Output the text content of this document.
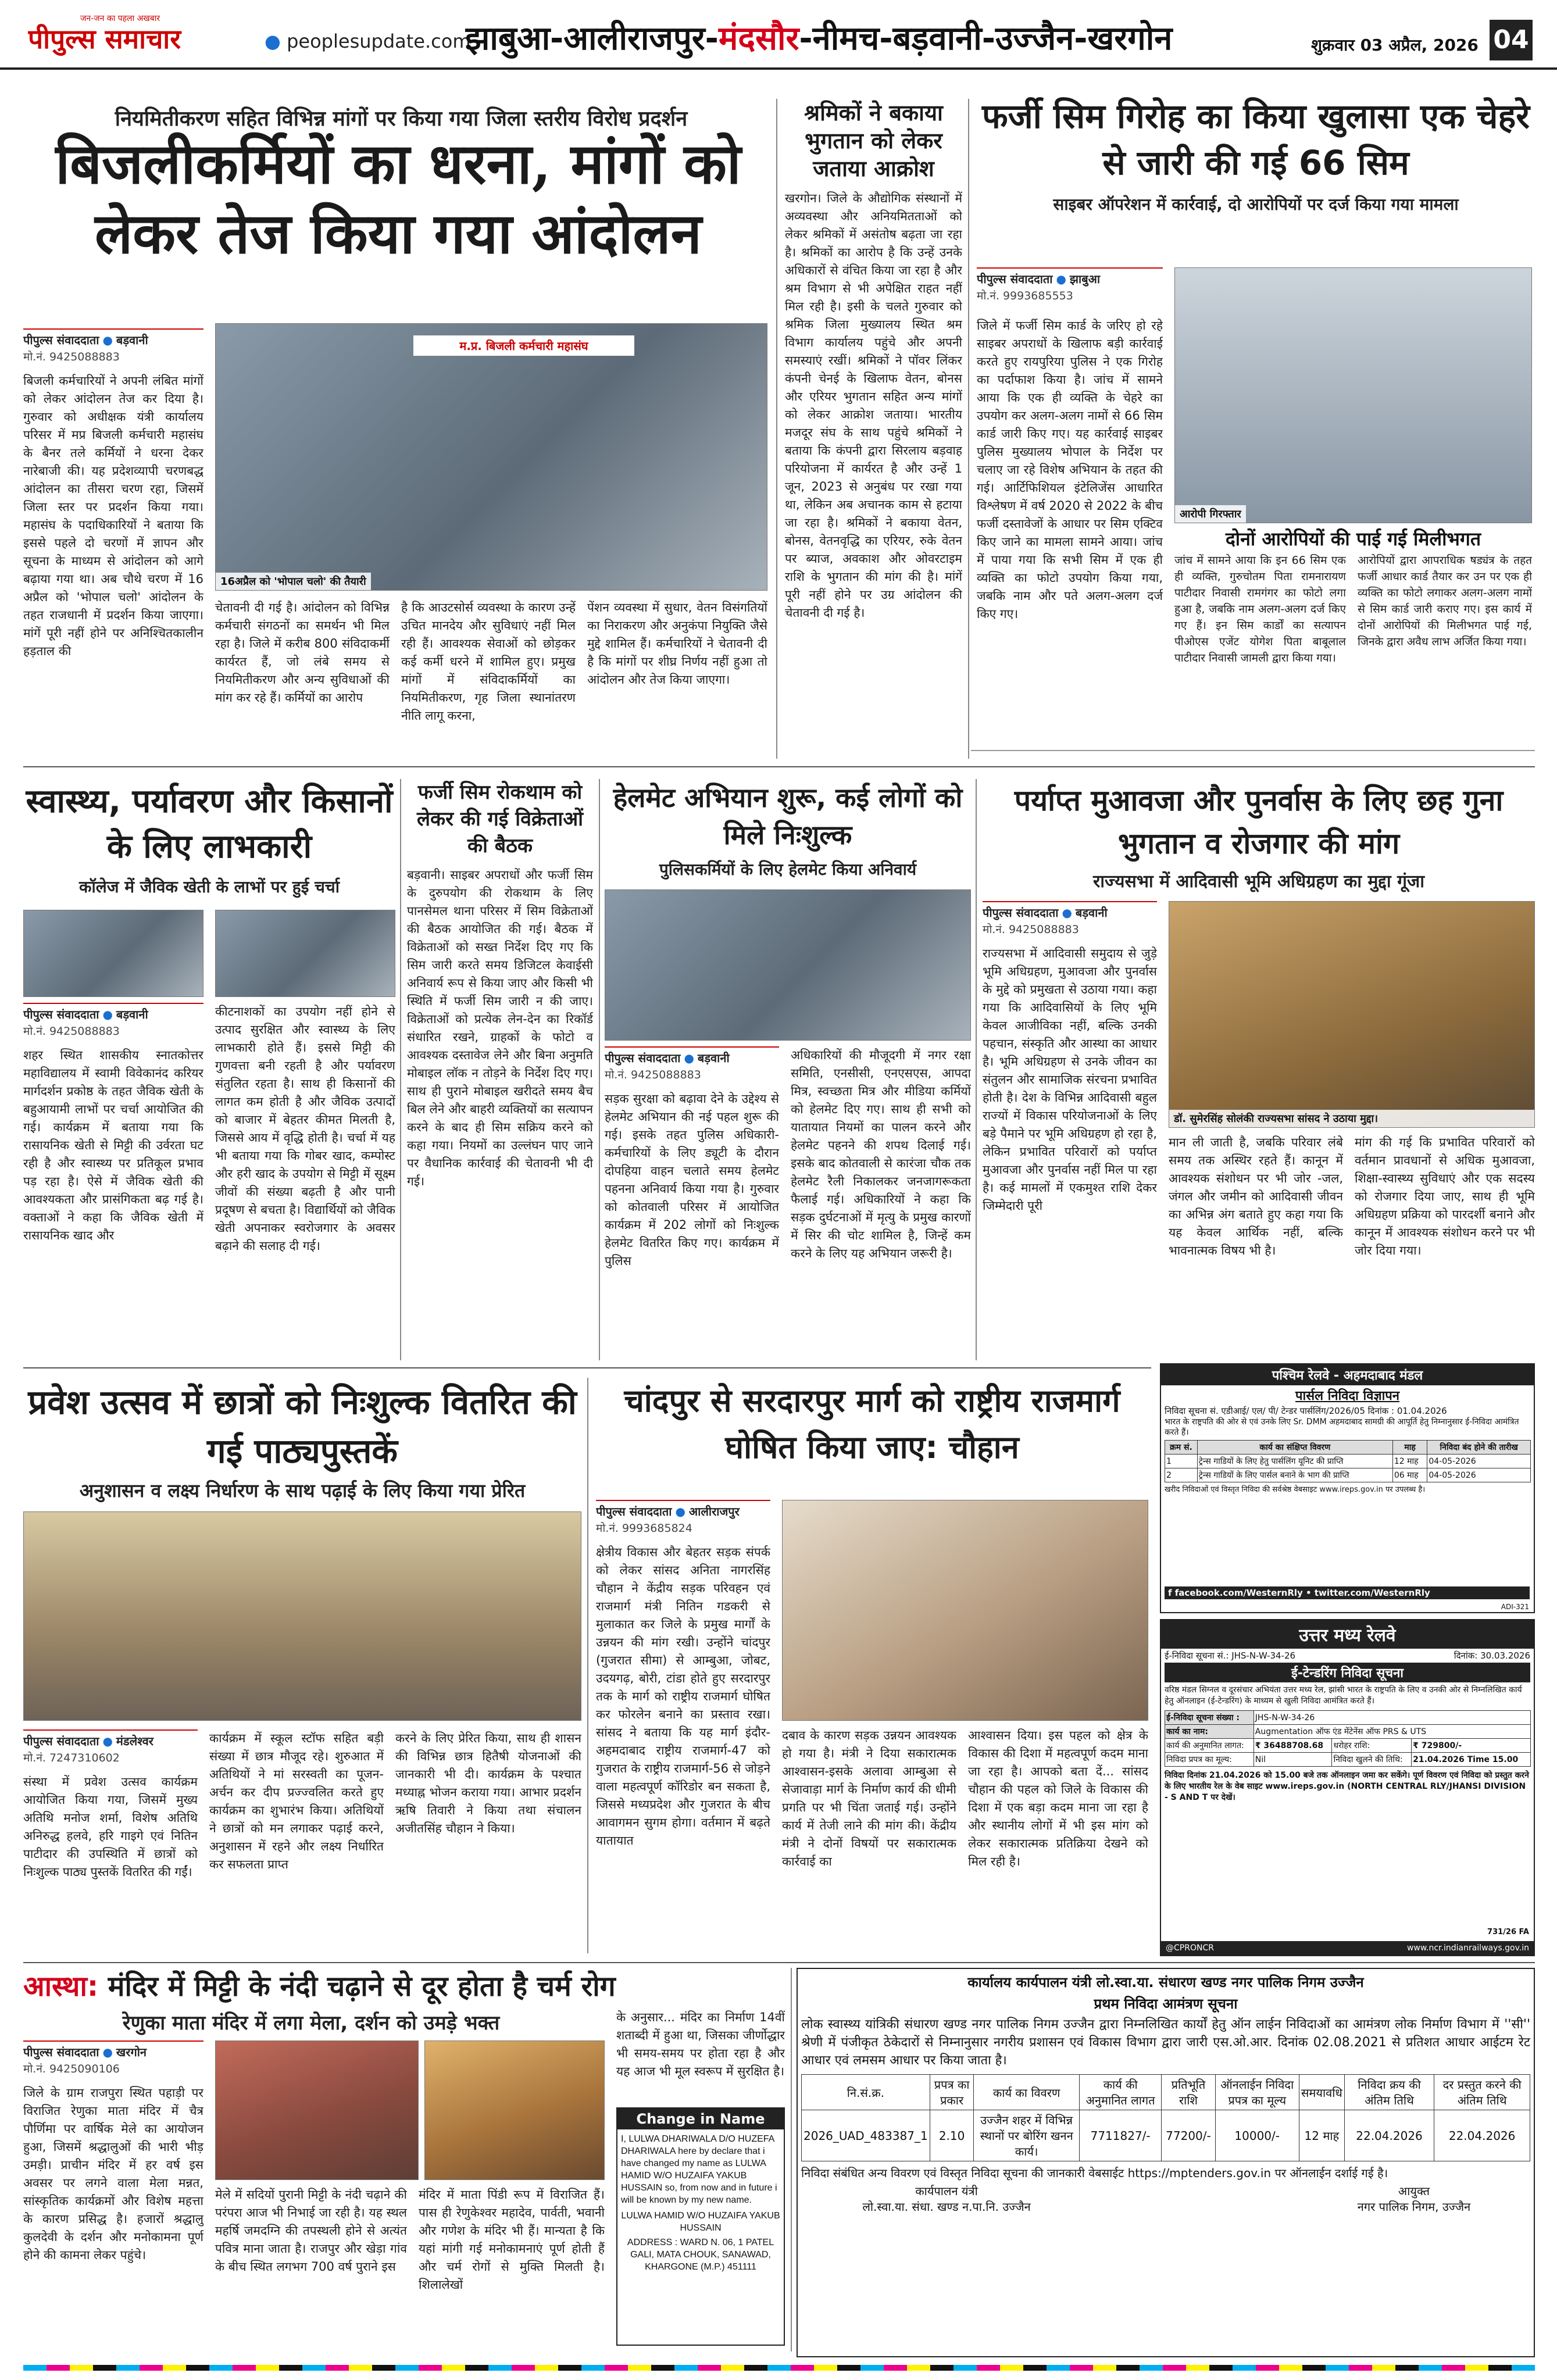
जन-जन का पहला अखबार
पीपुल्स समाचार	● peoplesupdate.com
झाबुआ-आलीराजपुर-मंदसौर-नीमच-बड़वानी-उज्जैन-खरगोन	शुक्रवार 03 अप्रैल, 2026 04
नियमितीकरण सहित विभिन्न मांगों पर किया गया जिला स्तरीय विरोध प्रदर्शन
बिजलीकर्मियों का धरना, मांगों को लेकर तेज किया गया आंदोलन
पीपुल्स संवाददाता ● बड़वानी
मो.नं. 9425088883
म.प्र. बिजली कर्मचारी महासंघ
16अप्रैल को 'भोपाल चलो' की तैयारी
बिजली कर्मचारियों ने अपनी लंबित मांगों को लेकर आंदोलन तेज कर दिया है। गुरुवार को अधीक्षक यंत्री कार्यालय परिसर में मप्र बिजली कर्मचारी महासंघ के बैनर तले कर्मियों ने धरना देकर नारेबाजी की। यह प्रदेशव्यापी चरणबद्ध आंदोलन का तीसरा चरण रहा, जिसमें जिला स्तर पर प्रदर्शन किया गया। महासंघ के पदाधिकारियों ने बताया कि इससे पहले दो चरणों में ज्ञापन और सूचना के माध्यम से आंदोलन को आगे बढ़ाया गया था। अब चौथे चरण में 16 अप्रैल को 'भोपाल चलो' आंदोलन के तहत राजधानी में प्रदर्शन किया जाएगा। मांगें पूरी नहीं होने पर अनिश्चितकालीन हड़ताल की
चेतावनी दी गई है। आंदोलन को विभिन्न कर्मचारी संगठनों का समर्थन भी मिल रहा है। जिले में करीब 800 संविदाकर्मी कार्यरत हैं, जो लंबे समय से नियमितीकरण और अन्य सुविधाओं की मांग कर रहे हैं। कर्मियों का आरोप
है कि आउटसोर्स व्यवस्था के कारण उन्हें उचित मानदेय और सुविधाएं नहीं मिल रही हैं। आवश्यक सेवाओं को छोड़कर कई कर्मी धरने में शामिल हुए। प्रमुख मांगों में संविदाकर्मियों का नियमितीकरण, गृह जिला स्थानांतरण नीति लागू करना,
पेंशन व्यवस्था में सुधार, वेतन विसंगतियों का निराकरण और अनुकंपा नियुक्ति जैसे मुद्दे शामिल हैं। कर्मचारियों ने चेतावनी दी है कि मांगों पर शीघ्र निर्णय नहीं हुआ तो आंदोलन और तेज किया जाएगा।
श्रमिकों ने बकाया भुगतान को लेकर जताया आक्रोश
खरगोन। जिले के औद्योगिक संस्थानों में अव्यवस्था और अनियमितताओं को लेकर श्रमिकों में असंतोष बढ़ता जा रहा है। श्रमिकों का आरोप है कि उन्हें उनके अधिकारों से वंचित किया जा रहा है और श्रम विभाग से भी अपेक्षित राहत नहीं मिल रही है। इसी के चलते गुरुवार को श्रमिक जिला मुख्यालय स्थित श्रम विभाग कार्यालय पहुंचे और अपनी समस्याएं रखीं। श्रमिकों ने पॉवर लिंकर कंपनी चेनई के खिलाफ वेतन, बोनस और एरियर भुगतान सहित अन्य मांगों को लेकर आक्रोश जताया। भारतीय मजदूर संघ के साथ पहुंचे श्रमिकों ने बताया कि कंपनी द्वारा सिरलाय बड़वाह परियोजना में कार्यरत है और उन्हें 1 जून, 2023 से अनुबंध पर रखा गया था, लेकिन अब अचानक काम से हटाया जा रहा है। श्रमिकों ने बकाया वेतन, बोनस, वेतनवृद्धि का एरियर, रुके वेतन पर ब्याज, अवकाश और ओवरटाइम राशि के भुगतान की मांग की है। मांगें पूरी नहीं होने पर उग्र आंदोलन की चेतावनी दी गई है।
फर्जी सिम गिरोह का किया खुलासा एक चेहरे से जारी की गई 66 सिम
साइबर ऑपरेशन में कार्रवाई, दो आरोपियों पर दर्ज किया गया मामला
पीपुल्स संवाददाता ● झाबुआ
मो.नं. 9993685553
जिले में फर्जी सिम कार्ड के जरिए हो रहे साइबर अपराधों के खिलाफ बड़ी कार्रवाई करते हुए रायपुरिया पुलिस ने एक गिरोह का पर्दाफाश किया है। जांच में सामने आया कि एक ही व्यक्ति के चेहरे का उपयोग कर अलग-अलग नामों से 66 सिम कार्ड जारी किए गए। यह कार्रवाई साइबर पुलिस मुख्यालय भोपाल के निर्देश पर चलाए जा रहे विशेष अभियान के तहत की गई। आर्टिफिशियल इंटेलिजेंस आधारित विश्लेषण में वर्ष 2020 से 2022 के बीच फर्जी दस्तावेजों के आधार पर सिम एक्टिव किए जाने का मामला सामने आया। जांच में पाया गया कि सभी सिम में एक ही व्यक्ति का फोटो उपयोग किया गया, जबकि नाम और पते अलग-अलग दर्ज किए गए।
आरोपी गिरफ्तार
दोनों आरोपियों की पाई गई मिलीभगत
जांच में सामने आया कि इन 66 सिम एक ही व्यक्ति, गुरुचोतम पिता रामनारायण पाटीदार निवासी रामगंगर का फोटो लगा हुआ है, जबकि नाम अलग-अलग दर्ज किए गए हैं। इन सिम कार्डों का सत्यापन पीओएस एजेंट योगेश पिता बाबूलाल पाटीदार निवासी जामली द्वारा किया गया।
आरोपियों द्वारा आपराधिक षड्यंत्र के तहत फर्जी आधार कार्ड तैयार कर उन पर एक ही व्यक्ति का फोटो लगाकर अलग-अलग नामों से सिम कार्ड जारी कराए गए। इस कार्य में दोनों आरोपियों की मिलीभगत पाई गई, जिनके द्वारा अवैध लाभ अर्जित किया गया।
स्वास्थ्य, पर्यावरण और किसानों के लिए लाभकारी
कॉलेज में जैविक खेती के लाभों पर हुई चर्चा
पीपुल्स संवाददाता ● बड़वानी
मो.नं. 9425088883
शहर स्थित शासकीय स्नातकोत्तर महाविद्यालय में स्वामी विवेकानंद करियर मार्गदर्शन प्रकोष्ठ के तहत जैविक खेती के बहुआयामी लाभों पर चर्चा आयोजित की गई। कार्यक्रम में बताया गया कि रासायनिक खेती से मिट्टी की उर्वरता घट रही है और स्वास्थ्य पर प्रतिकूल प्रभाव पड़ रहा है। ऐसे में जैविक खेती की आवश्यकता और प्रासंगिकता बढ़ गई है। वक्ताओं ने कहा कि जैविक खेती में रासायनिक खाद और
कीटनाशकों का उपयोग नहीं होने से उत्पाद सुरक्षित और स्वास्थ्य के लिए लाभकारी होते हैं। इससे मिट्टी की गुणवत्ता बनी रहती है और पर्यावरण संतुलित रहता है। साथ ही किसानों की लागत कम होती है और जैविक उत्पादों को बाजार में बेहतर कीमत मिलती है, जिससे आय में वृद्धि होती है। चर्चा में यह भी बताया गया कि गोबर खाद, कम्पोस्ट और हरी खाद के उपयोग से मिट्टी में सूक्ष्म जीवों की संख्या बढ़ती है और पानी प्रदूषण से बचता है। विद्यार्थियों को जैविक खेती अपनाकर स्वरोजगार के अवसर बढ़ाने की सलाह दी गई।
फर्जी सिम रोकथाम को लेकर की गई विक्रेताओं की बैठक
बड़वानी। साइबर अपराधों और फर्जी सिम के दुरुपयोग की रोकथाम के लिए पानसेमल थाना परिसर में सिम विक्रेताओं की बैठक आयोजित की गई। बैठक में विक्रेताओं को सख्त निर्देश दिए गए कि सिम जारी करते समय डिजिटल केवाईसी अनिवार्य रूप से किया जाए और किसी भी स्थिति में फर्जी सिम जारी न की जाए। विक्रेताओं को प्रत्येक लेन-देन का रिकॉर्ड संधारित रखने, ग्राहकों के फोटो व आवश्यक दस्तावेज लेने और बिना अनुमति मोबाइल लॉक न तोड़ने के निर्देश दिए गए। साथ ही पुराने मोबाइल खरीदते समय बैच बिल लेने और बाहरी व्यक्तियों का सत्यापन करने के बाद ही सिम सक्रिय करने को कहा गया। नियमों का उल्लंघन पाए जाने पर वैधानिक कार्रवाई की चेतावनी भी दी गई।
हेलमेट अभियान शुरू, कई लोगों को मिले निःशुल्क
पुलिसकर्मियों के लिए हेलमेट किया अनिवार्य
पीपुल्स संवाददाता ● बड़वानी
मो.नं. 9425088883
सड़क सुरक्षा को बढ़ावा देने के उद्देश्य से हेलमेट अभियान की नई पहल शुरू की गई। इसके तहत पुलिस अधिकारी-कर्मचारियों के लिए ड्यूटी के दौरान दोपहिया वाहन चलाते समय हेलमेट पहनना अनिवार्य किया गया है। गुरुवार को कोतवाली परिसर में आयोजित कार्यक्रम में 202 लोगों को निःशुल्क हेलमेट वितरित किए गए। कार्यक्रम में पुलिस
अधिकारियों की मौजूदगी में नगर रक्षा समिति, एनसीसी, एनएसएस, आपदा मित्र, स्वच्छता मित्र और मीडिया कर्मियों को हेलमेट दिए गए। साथ ही सभी को यातायात नियमों का पालन करने और हेलमेट पहनने की शपथ दिलाई गई। इसके बाद कोतवाली से कारंजा चौक तक हेलमेट रैली निकालकर जनजागरूकता फैलाई गई। अधिकारियों ने कहा कि सड़क दुर्घटनाओं में मृत्यु के प्रमुख कारणों में सिर की चोट शामिल है, जिन्हें कम करने के लिए यह अभियान जरूरी है।
पर्याप्त मुआवजा और पुनर्वास के लिए छह गुना भुगतान व रोजगार की मांग
राज्यसभा में आदिवासी भूमि अधिग्रहण का मुद्दा गूंजा
पीपुल्स संवाददाता ● बड़वानी
मो.नं. 9425088883
राज्यसभा में आदिवासी समुदाय से जुड़े भूमि अधिग्रहण, मुआवजा और पुनर्वास के मुद्दे को प्रमुखता से उठाया गया। कहा गया कि आदिवासियों के लिए भूमि केवल आजीविका नहीं, बल्कि उनकी पहचान, संस्कृति और आस्था का आधार है। भूमि अधिग्रहण से उनके जीवन का संतुलन और सामाजिक संरचना प्रभावित होती है। देश के विभिन्न आदिवासी बहुल राज्यों में विकास परियोजनाओं के लिए बड़े पैमाने पर भूमि अधिग्रहण हो रहा है, लेकिन प्रभावित परिवारों को पर्याप्त मुआवजा और पुनर्वास नहीं मिल पा रहा है। कई मामलों में एकमुश्त राशि देकर जिम्मेदारी पूरी
डॉ. सुमेरसिंह सोलंकी राज्यसभा सांसद ने उठाया मुद्दा।
मान ली जाती है, जबकि परिवार लंबे समय तक अस्थिर रहते हैं। कानून में आवश्यक संशोधन पर भी जोर -जल, जंगल और जमीन को आदिवासी जीवन का अभिन्न अंग बताते हुए कहा गया कि यह केवल आर्थिक नहीं, बल्कि भावनात्मक विषय भी है।
मांग की गई कि प्रभावित परिवारों को वर्तमान प्रावधानों से अधिक मुआवजा, शिक्षा-स्वास्थ्य सुविधाएं और एक सदस्य को रोजगार दिया जाए, साथ ही भूमि अधिग्रहण प्रक्रिया को पारदर्शी बनाने और कानून में आवश्यक संशोधन करने पर भी जोर दिया गया।
प्रवेश उत्सव में छात्रों को निःशुल्क वितरित की गई पाठ्यपुस्तकें
अनुशासन व लक्ष्य निर्धारण के साथ पढ़ाई के लिए किया गया प्रेरित
पीपुल्स संवाददाता ● मंडलेश्वर
मो.नं. 7247310602
संस्था में प्रवेश उत्सव कार्यक्रम आयोजित किया गया, जिसमें मुख्य अतिथि मनोज शर्मा, विशेष अतिथि अनिरुद्ध हलवे, हरि गाइगे एवं नितिन पाटीदार की उपस्थिति में छात्रों को निःशुल्क पाठ्य पुस्तकें वितरित की गईं।
कार्यक्रम में स्कूल स्टॉफ सहित बड़ी संख्या में छात्र मौजूद रहे। शुरुआत में अतिथियों ने मां सरस्वती का पूजन-अर्चन कर दीप प्रज्ज्वलित करते हुए कार्यक्रम का शुभारंभ किया। अतिथियों ने छात्रों को मन लगाकर पढ़ाई करने, अनुशासन में रहने और लक्ष्य निर्धारित कर सफलता प्राप्त
करने के लिए प्रेरित किया, साथ ही शासन की विभिन्न छात्र हितैषी योजनाओं की जानकारी भी दी। कार्यक्रम के पश्चात मध्याह्न भोजन कराया गया। आभार प्रदर्शन ऋषि तिवारी ने किया तथा संचालन अजीतसिंह चौहान ने किया।
चांदपुर से सरदारपुर मार्ग को राष्ट्रीय राजमार्ग घोषित किया जाए: चौहान
पीपुल्स संवाददाता ● आलीराजपुर
मो.नं. 9993685824
क्षेत्रीय विकास और बेहतर सड़क संपर्क को लेकर सांसद अनिता नागरसिंह चौहान ने केंद्रीय सड़क परिवहन एवं राजमार्ग मंत्री नितिन गडकरी से मुलाकात कर जिले के प्रमुख मार्गों के उन्नयन की मांग रखी। उन्होंने चांदपुर (गुजरात सीमा) से आम्बुआ, जोबट, उदयगढ़, बोरी, टांडा होते हुए सरदारपुर तक के मार्ग को राष्ट्रीय राजमार्ग घोषित कर फोरलेन बनाने का प्रस्ताव रखा। सांसद ने बताया कि यह मार्ग इंदौर-अहमदाबाद राष्ट्रीय राजमार्ग-47 को गुजरात के राष्ट्रीय राजमार्ग-56 से जोड़ने वाला महत्वपूर्ण कॉरिडोर बन सकता है, जिससे मध्यप्रदेश और गुजरात के बीच आवागमन सुगम होगा। वर्तमान में बढ़ते यातायात
दबाव के कारण सड़क उन्नयन आवश्यक हो गया है। मंत्री ने दिया सकारात्मक आश्वासन-इसके अलावा आम्बुआ से सेजावाड़ा मार्ग के निर्माण कार्य की धीमी प्रगति पर भी चिंता जताई गई। उन्होंने कार्य में तेजी लाने की मांग की। केंद्रीय मंत्री ने दोनों विषयों पर सकारात्मक कार्रवाई का
आश्वासन दिया। इस पहल को क्षेत्र के विकास की दिशा में महत्वपूर्ण कदम माना जा रहा है। आपको बता दें... सांसद चौहान की पहल को जिले के विकास की दिशा में एक बड़ा कदम माना जा रहा है और स्थानीय लोगों में भी इस मांग को लेकर सकारात्मक प्रतिक्रिया देखने को मिल रही है।
पश्चिम रेलवे - अहमदाबाद मंडल
पार्सल निविदा विज्ञापन
निविदा सूचना सं. एडीआई/ एल/ पी/ टेन्डर पार्सलिंग/2026/05 दिनांक : 01.04.2026
भारत के राष्ट्रपति की ओर से एवं उनके लिए Sr. DMM अहमदाबाद सामग्री की आपूर्ति हेतु निम्नानुसार ई-निविदा आमंत्रित करते हैं।
क्रम सं.	कार्य का संक्षिप्त विवरण	माह	निविदा बंद होने की तारीख
1	ट्रेन्स गाडियों के लिए हेतु पार्सलिंग यूनिट की प्राप्ति	12 माह	04-05-2026
2	ट्रेन्स गाडियों के लिए पार्सल बनाने के भाग की प्राप्ति	06 माह	04-05-2026
खरीद निविदाओं एवं विस्तृत निविदा की सर्वश्रेष्ठ वेबसाइट www.ireps.gov.in पर उपलब्ध है।
f facebook.com/WesternRly • twitter.com/WesternRly
ADI-321
उत्तर मध्य रेलवे
ई-निविदा सूचना सं.: JHS-N-W-34-26	दिनांक: 30.03.2026
ई-टेन्डरिंग निविदा सूचना
वरिष्ठ मंडल सिग्नल व दूरसंचार अभियंता उत्तर मध्य रेल, झांसी भारत के राष्ट्रपति के लिए व उनकी ओर से निम्नलिखित कार्य हेतु ऑनलाइन (ई-टेन्डरिंग) के माध्यम से खुली निविदा आमंत्रित करते हैं।
ई-निविदा सूचना संख्या :	JHS-N-W-34-26		
कार्य का नाम:	Augmentation ऑफ एंड मेंटेनेंस ऑफ PRS & UTS		
कार्य की अनुमानित लागत:	₹ 36488708.68	धरोहर राशि:	₹ 729800/-
निविदा प्रपत्र का मूल्य:	Nil	निविदा खुलने की तिथि:	21.04.2026 Time 15.00
निविदा दिनांक 21.04.2026 को 15.00 बजे तक ऑनलाइन जमा कर सकेंगे। पूर्ण विवरण एवं निविदा को प्रस्तुत करने के लिए भारतीय रेल के वेब साइट www.ireps.gov.in (NORTH CENTRAL RLY/JHANSI DIVISION - S AND T पर देखें।
731/26 FA
@CPRONCR	www.ncr.indianrailways.gov.in
आस्था: मंदिर में मिट्टी के नंदी चढ़ाने से दूर होता है चर्म रोग
रेणुका माता मंदिर में लगा मेला, दर्शन को उमड़े भक्त
पीपुल्स संवाददाता ● खरगोन
मो.नं. 9425090106
जिले के ग्राम राजपुरा स्थित पहाड़ी पर विराजित रेणुका माता मंदिर में चैत्र पौर्णिमा पर वार्षिक मेले का आयोजन हुआ, जिसमें श्रद्धालुओं की भारी भीड़ उमड़ी। प्राचीन मंदिर में हर वर्ष इस अवसर पर लगने वाला मेला मन्नत, सांस्कृतिक कार्यक्रमों और विशेष महत्ता के कारण प्रसिद्ध है। हजारों श्रद्धालु कुलदेवी के दर्शन और मनोकामना पूर्ण होने की कामना लेकर पहुंचे।
मेले में सदियों पुरानी मिट्टी के नंदी चढ़ाने की परंपरा आज भी निभाई जा रही है। यह स्थल महर्षि जमदग्नि की तपस्थली होने से अत्यंत पवित्र माना जाता है। राजपुर और खेड़ा गांव के बीच स्थित लगभग 700 वर्ष पुराने इस
मंदिर में माता पिंडी रूप में विराजित हैं। पास ही रेणुकेश्वर महादेव, पार्वती, भवानी और गणेश के मंदिर भी हैं। मान्यता है कि यहां मांगी गई मनोकामनाएं पूर्ण होती हैं और चर्म रोगों से मुक्ति मिलती है। शिलालेखों
के अनुसार... मंदिर का निर्माण 14वीं शताब्दी में हुआ था, जिसका जीर्णोद्धार भी समय-समय पर होता रहा है और यह आज भी मूल स्वरूप में सुरक्षित है।
Change in Name
I, LULWA DHARIWALA D/O HUZEFA DHARIWALA here by declare that i have changed my name as LULWA HAMID W/O HUZAIFA YAKUB HUSSAIN so, from now and in future i will be known by my new name.
LULWA HAMID W/O HUZAIFA YAKUB HUSSAIN
ADDRESS : WARD N. 06, 1 PATEL GALI, MATA CHOUK, SANAWAD, KHARGONE (M.P.) 451111
कार्यालय कार्यपालन यंत्री लो.स्वा.या. संधारण खण्ड नगर पालिक निगम उज्जैन
प्रथम निविदा आमंत्रण सूचना
लोक स्वास्थ्य यांत्रिकी संधारण खण्ड नगर पालिक निगम उज्जैन द्वारा निम्नलिखित कार्यों हेतु ऑन लाईन निविदाओं का आमंत्रण लोक निर्माण विभाग में ''सी'' श्रेणी में पंजीकृत ठेकेदारों से निम्नानुसार नगरीय प्रशासन एवं विकास विभाग द्वारा जारी एस.ओ.आर. दिनांक 02.08.2021 से प्रतिशत आधार आईटम रेट आधार एवं लमसम आधार पर किया जाता है।
नि.सं.क्र.	प्रपत्र का प्रकार	कार्य का विवरण	कार्य की अनुमानित लागत	प्रतिभूति राशि	ऑनलाईन निविदा प्रपत्र का मूल्य	समयावधि	निविदा क्रय की अंतिम तिथि	दर प्रस्तुत करने की अंतिम तिथि
2026_UAD_483387_1	2.10	उज्जैन शहर में विभिन्न स्थानों पर बोरिंग खनन कार्य।	7711827/-	77200/-	10000/-	12 माह	22.04.2026	22.04.2026
निविदा संबंधित अन्य विवरण एवं विस्तृत निविदा सूचना की जानकारी वेबसाईट https://mptenders.gov.in पर ऑनलाईन दर्शाई गई है।
कार्यपालन यंत्री
लो.स्वा.या. संधा. खण्ड न.पा.नि. उज्जैन
आयुक्त
नगर पालिक निगम, उज्जैन
